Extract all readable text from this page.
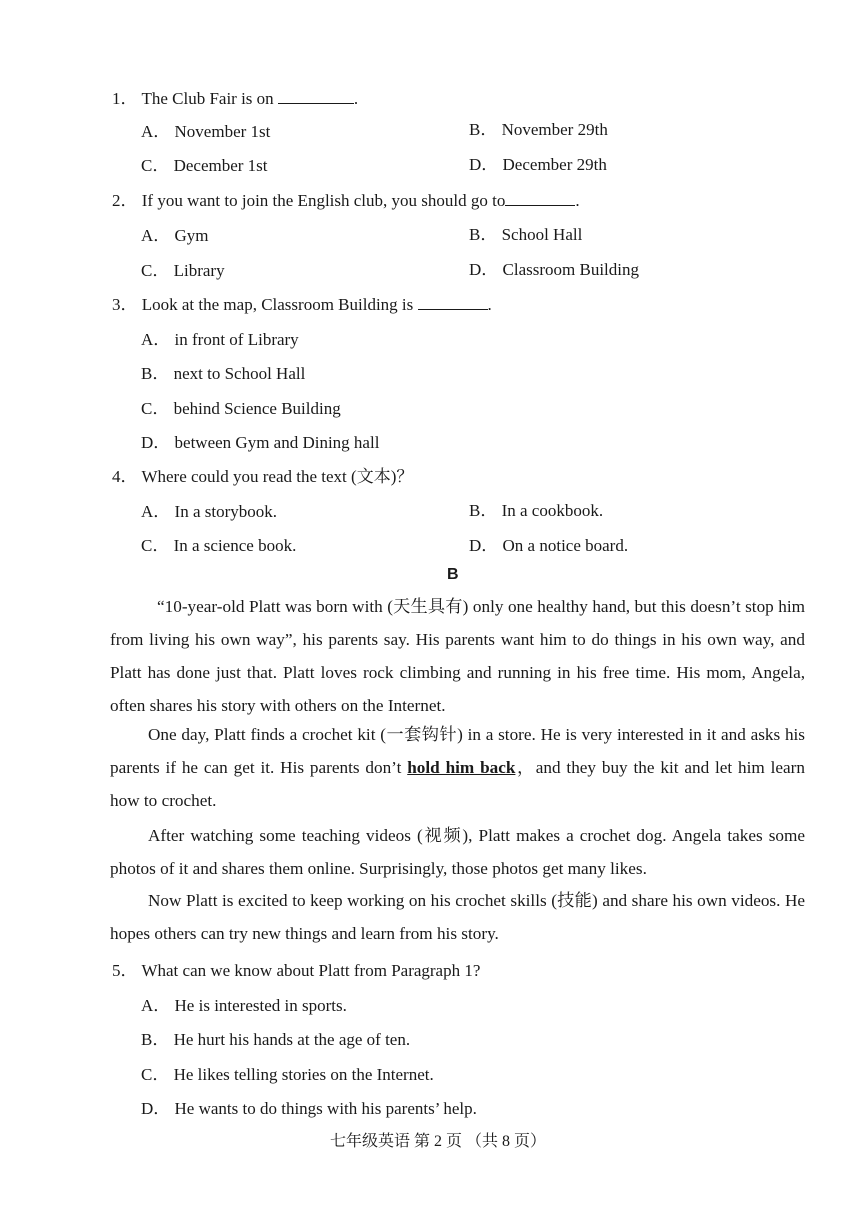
1． The Club Fair is on	.
A． November 1st	B． November 29th
C． December 1st	D． December 29th
2． If you want to join the English club, you should go to	.
A． Gym	B． School Hall
C． Library	D． Classroom Building
3． Look at the map, Classroom Building is	.
A． in front of Library
B． next to School Hall
C． behind Science Building
D． between Gym and Dining hall
4． Where could you read the text (文本)？
A． In a storybook.	B． In a cookbook.
C． In a science book.	D． On a notice board.
B
“10-year-old Platt was born with (天生具有) only one healthy hand, but this doesn’t stop him from living his own way”, his parents say. His parents want him to do things in his own way, and Platt has done just that. Platt loves rock climbing and running in his free time. His mom, Angela, often shares his story with others on the Internet.
One day, Platt finds a crochet kit (一套钩针) in a store. He is very interested in it and asks his parents if he can get it. His parents don’t hold him back，and they buy the kit and let him learn how to crochet.
After watching some teaching videos (视频), Platt makes a crochet dog. Angela takes some photos of it and shares them online. Surprisingly, those photos get many likes.
Now Platt is excited to keep working on his crochet skills (技能) and share his own videos. He hopes others can try new things and learn from his story.
5． What can we know about Platt from Paragraph 1?
A． He is interested in sports.
B． He hurt his hands at the age of ten.
C． He likes telling stories on the Internet.
D． He wants to do things with his parents’ help.
七年级英语 第 2 页 （共 8 页）
